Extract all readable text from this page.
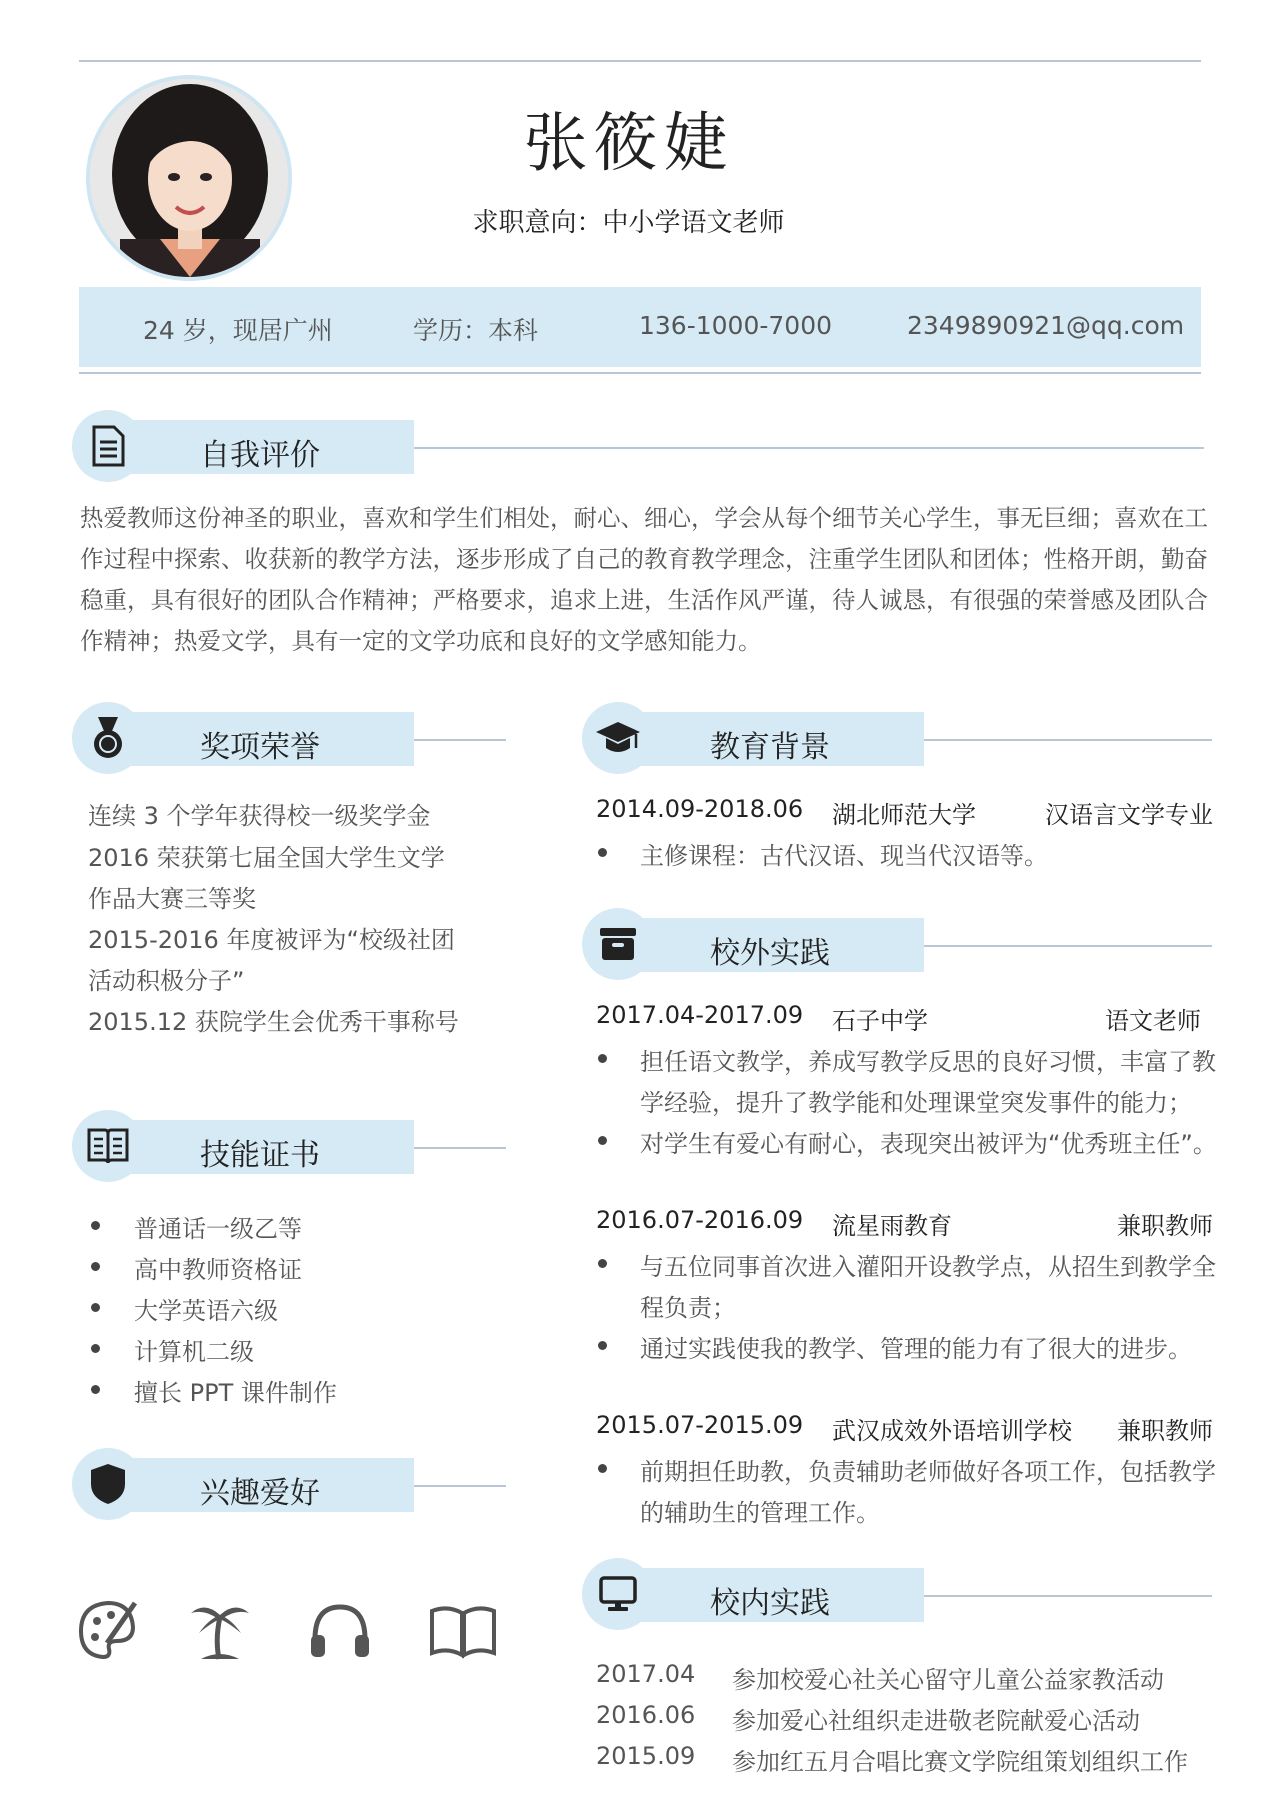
张筱婕
求职意向：中小学语文老师
24 岁，现居广州	学历：本科	136-1000-7000	2349890921@qq.com
自我评价
热爱教师这份神圣的职业，喜欢和学生们相处，耐心、细心，学会从每个细节关心学生，事无巨细；喜欢在工作过程中探索、收获新的教学方法，逐步形成了自己的教育教学理念，注重学生团队和团体；性格开朗，勤奋稳重，具有很好的团队合作精神；严格要求，追求上进，生活作风严谨，待人诚恳，有很强的荣誉感及团队合作精神；热爱文学，具有一定的文学功底和良好的文学感知能力。
奖项荣誉
连续 3 个学年获得校一级奖学金
2016 荣获第七届全国大学生文学
作品大赛三等奖
2015-2016 年度被评为“校级社团
活动积极分子”
2015.12 获院学生会优秀干事称号
技能证书
普通话一级乙等
高中教师资格证
大学英语六级
计算机二级
擅长 PPT 课件制作
兴趣爱好
教育背景
2014.09-2018.06 湖北师范大学	汉语言文学专业
主修课程：古代汉语、现当代汉语等。
校外实践
2017.04-2017.09 石子中学	语文老师
担任语文教学，养成写教学反思的良好习惯，丰富了教
学经验，提升了教学能和处理课堂突发事件的能力；
对学生有爱心有耐心，表现突出被评为“优秀班主任”。
2016.07-2016.09 流星雨教育	兼职教师
与五位同事首次进入灌阳开设教学点，从招生到教学全
程负责；
通过实践使我的教学、管理的能力有了很大的进步。
2015.07-2015.09 武汉成效外语培训学校 兼职教师
前期担任助教，负责辅助老师做好各项工作，包括教学
的辅助生的管理工作。
校内实践
2017.04 参加校爱心社关心留守儿童公益家教活动
2016.06 参加爱心社组织走进敬老院献爱心活动
2015.09 参加红五月合唱比赛文学院组策划组织工作
